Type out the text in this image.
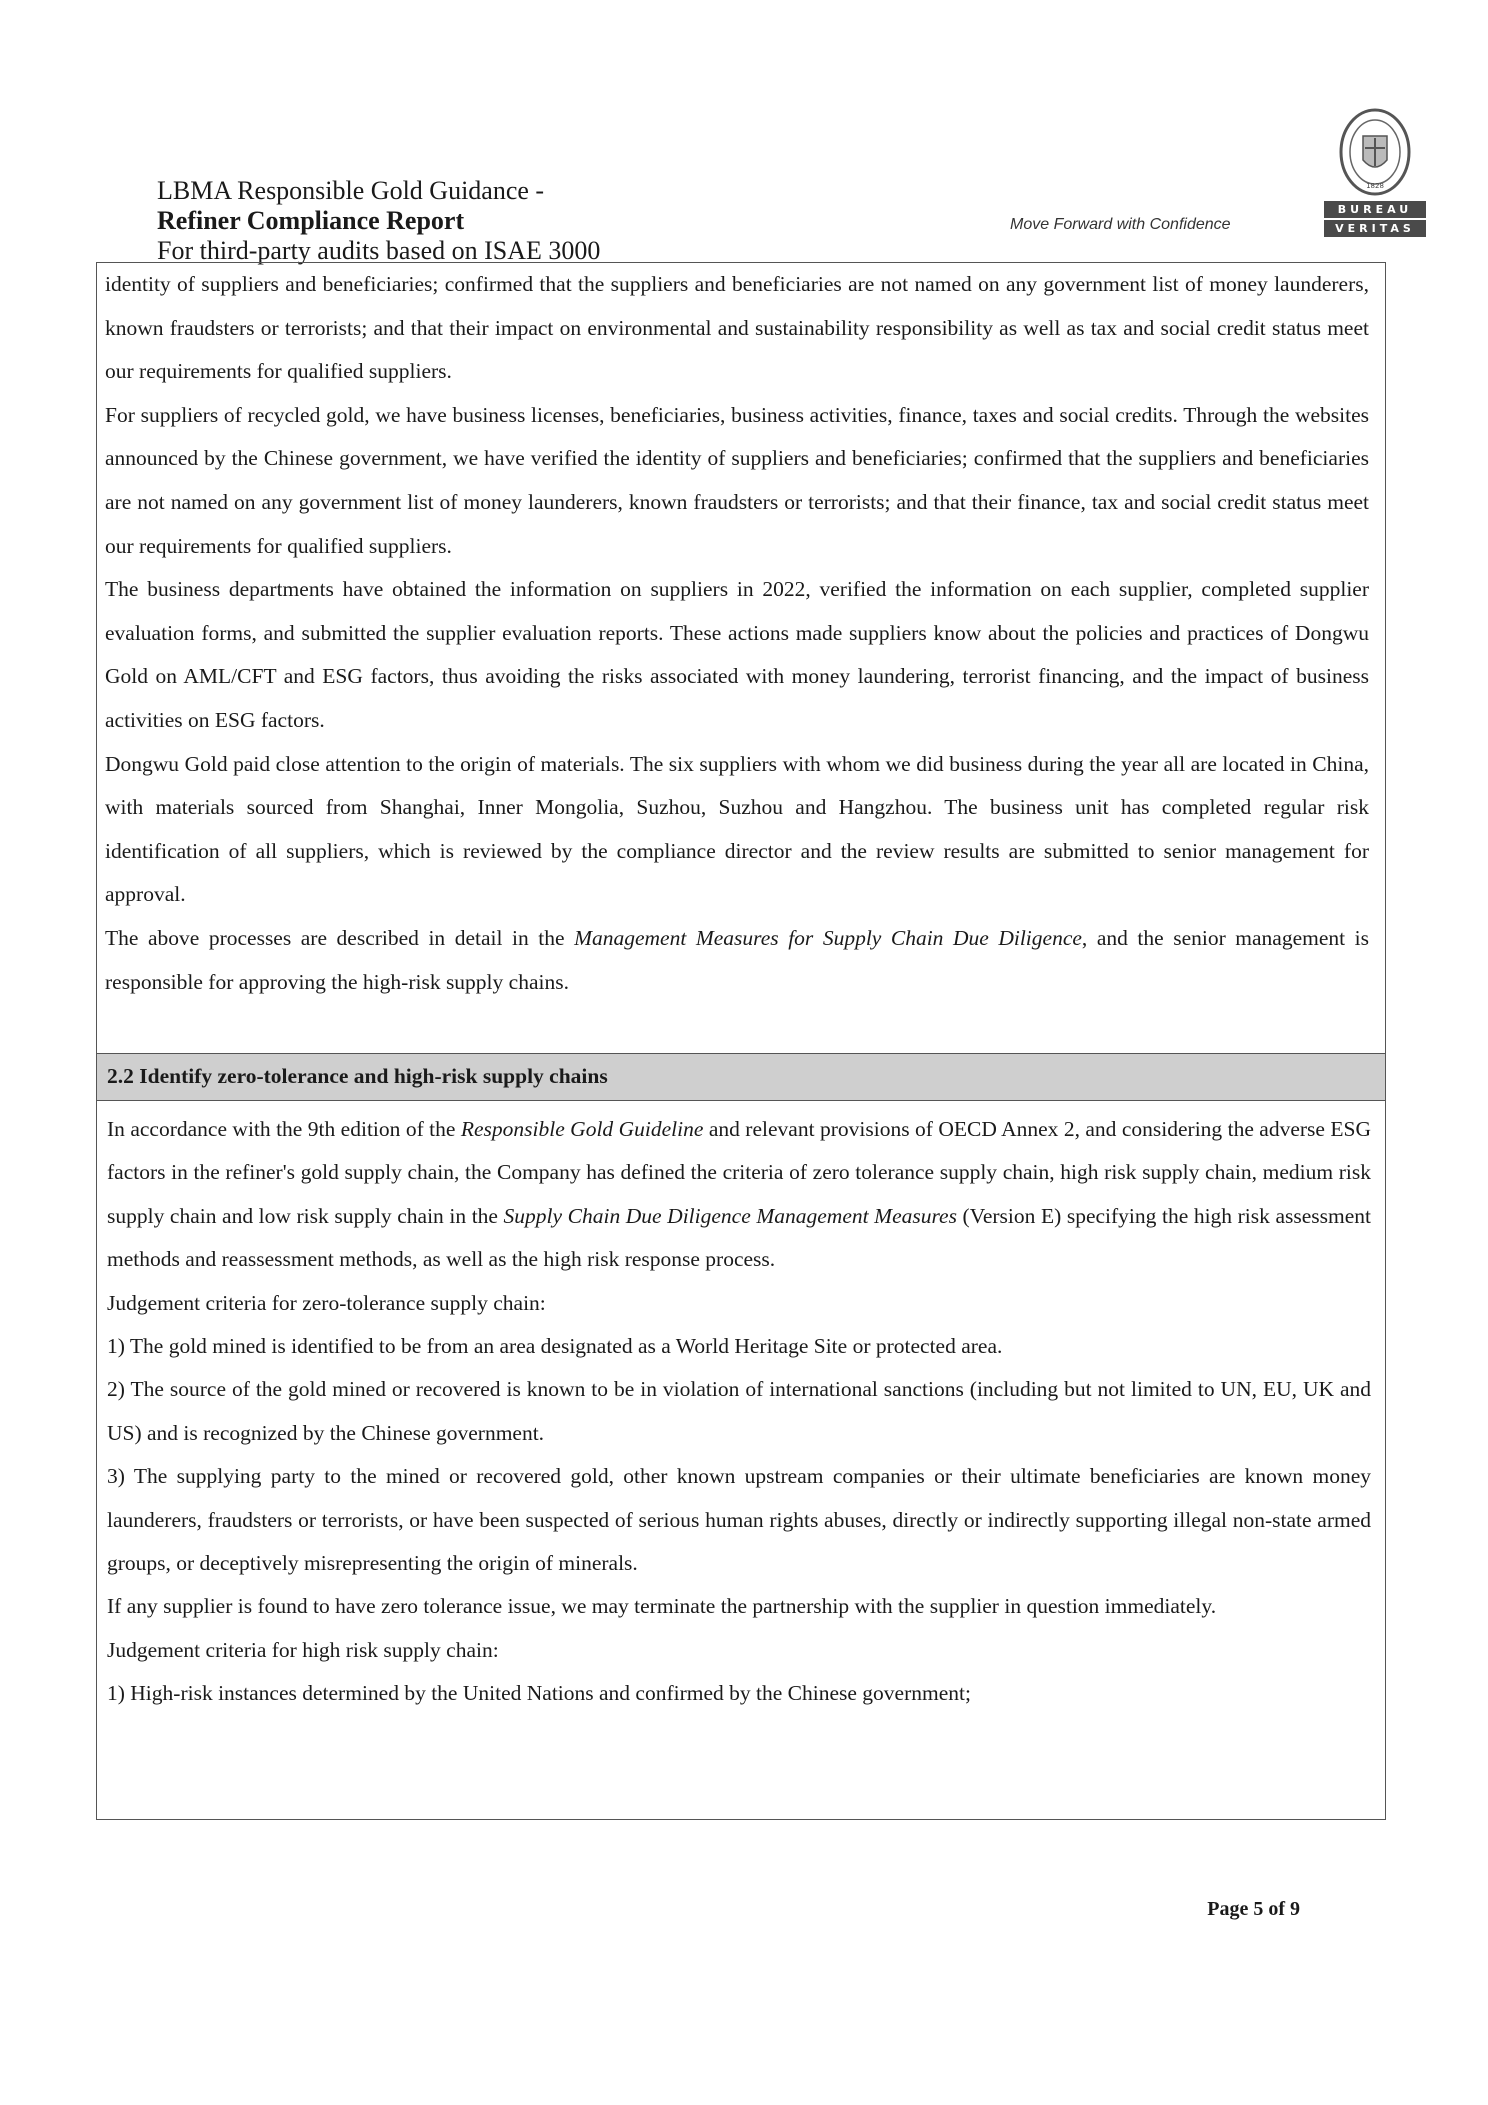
LBMA Responsible Gold Guidance -
Refiner Compliance Report
For third-party audits based on ISAE 3000
Move Forward with Confidence
1828
BUREAU
VERITAS

identity of suppliers and beneficiaries; confirmed that the suppliers and beneficiaries are not named on any government list of money launderers, known fraudsters or terrorists; and that their impact on environmental and sustainability responsibility as well as tax and social credit status meet our requirements for qualified suppliers.

For suppliers of recycled gold, we have business licenses, beneficiaries, business activities, finance, taxes and social credits. Through the websites announced by the Chinese government, we have verified the identity of suppliers and beneficiaries; confirmed that the suppliers and beneficiaries are not named on any government list of money launderers, known fraudsters or terrorists; and that their finance, tax and social credit status meet our requirements for qualified suppliers.

The business departments have obtained the information on suppliers in 2022, verified the information on each supplier, completed supplier evaluation forms, and submitted the supplier evaluation reports. These actions made suppliers know about the policies and practices of Dongwu Gold on AML/CFT and ESG factors, thus avoiding the risks associated with money laundering, terrorist financing, and the impact of business activities on ESG factors.

Dongwu Gold paid close attention to the origin of materials. The six suppliers with whom we did business during the year all are located in China, with materials sourced from Shanghai, Inner Mongolia, Suzhou, Suzhou and Hangzhou. The business unit has completed regular risk identification of all suppliers, which is reviewed by the compliance director and the review results are submitted to senior management for approval.

The above processes are described in detail in the Management Measures for Supply Chain Due Diligence, and the senior management is responsible for approving the high-risk supply chains.

2.2 Identify zero-tolerance and high-risk supply chains

In accordance with the 9th edition of the Responsible Gold Guideline and relevant provisions of OECD Annex 2, and considering the adverse ESG factors in the refiner's gold supply chain, the Company has defined the criteria of zero tolerance supply chain, high risk supply chain, medium risk supply chain and low risk supply chain in the Supply Chain Due Diligence Management Measures (Version E) specifying the high risk assessment methods and reassessment methods, as well as the high risk response process.

Judgement criteria for zero-tolerance supply chain:

1) The gold mined is identified to be from an area designated as a World Heritage Site or protected area.

2) The source of the gold mined or recovered is known to be in violation of international sanctions (including but not limited to UN, EU, UK and US) and is recognized by the Chinese government.

3) The supplying party to the mined or recovered gold, other known upstream companies or their ultimate beneficiaries are known money launderers, fraudsters or terrorists, or have been suspected of serious human rights abuses, directly or indirectly supporting illegal non-state armed groups, or deceptively misrepresenting the origin of minerals.

If any supplier is found to have zero tolerance issue, we may terminate the partnership with the supplier in question immediately.

Judgement criteria for high risk supply chain:

1) High-risk instances determined by the United Nations and confirmed by the Chinese government;

Page 5 of 9
